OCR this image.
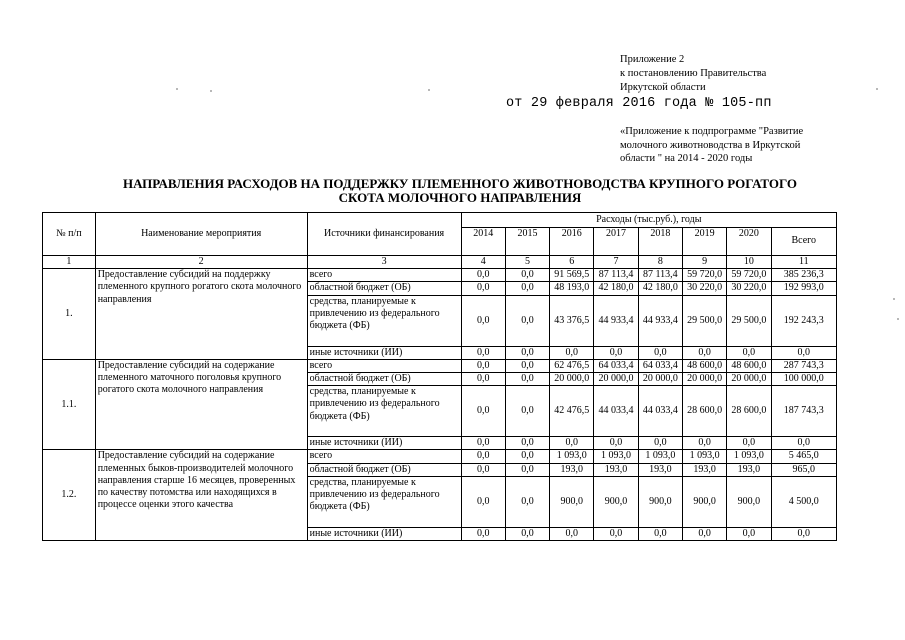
Приложение 2
к постановлению Правительства
Иркутской области
от 29 февраля 2016 года № 105-пп
«Приложение к подпрограмме "Развитие
молочного животноводства в Иркутской
области " на 2014 - 2020 годы
НАПРАВЛЕНИЯ РАСХОДОВ НА ПОДДЕРЖКУ ПЛЕМЕННОГО ЖИВОТНОВОДСТВА КРУПНОГО РОГАТОГО
СКОТА МОЛОЧНОГО НАПРАВЛЕНИЯ
№ п/п	Наименование мероприятия	Источники финансирования	Расходы (тыс.руб.), годы							
			2014	2015	2016	2017	2018	2019	2020	Всего
1	2	3	4	5	6	7	8	9	10	11
1.	Предоставление субсидий на поддержку племенного крупного рогатого скота молочного направления	всего	0,0	0,0	91 569,5	87 113,4	87 113,4	59 720,0	59 720,0	385 236,3
		областной бюджет (ОБ)	0,0	0,0	48 193,0	42 180,0	42 180,0	30 220,0	30 220,0	192 993,0
		средства, планируемые к привлечению из федерального бюджета (ФБ)	0,0	0,0	43 376,5	44 933,4	44 933,4	29 500,0	29 500,0	192 243,3
		иные источники (ИИ)	0,0	0,0	0,0	0,0	0,0	0,0	0,0	0,0
1.1.	Предоставление субсидий на содержание племенного маточного поголовья крупного рогатого скота молочного направления	всего	0,0	0,0	62 476,5	64 033,4	64 033,4	48 600,0	48 600,0	287 743,3
		областной бюджет (ОБ)	0,0	0,0	20 000,0	20 000,0	20 000,0	20 000,0	20 000,0	100 000,0
		средства, планируемые к привлечению из федерального бюджета (ФБ)	0,0	0,0	42 476,5	44 033,4	44 033,4	28 600,0	28 600,0	187 743,3
		иные источники (ИИ)	0,0	0,0	0,0	0,0	0,0	0,0	0,0	0,0
1.2.	Предоставление субсидий на содержание племенных быков-производителей молочного направления старше 16 месяцев, проверенных по качеству потомства или находящихся в процессе оценки этого качества	всего	0,0	0,0	1 093,0	1 093,0	1 093,0	1 093,0	1 093,0	5 465,0
		областной бюджет (ОБ)	0,0	0,0	193,0	193,0	193,0	193,0	193,0	965,0
		средства, планируемые к привлечению из федерального бюджета (ФБ)	0,0	0,0	900,0	900,0	900,0	900,0	900,0	4 500,0
		иные источники (ИИ)	0,0	0,0	0,0	0,0	0,0	0,0	0,0	0,0
